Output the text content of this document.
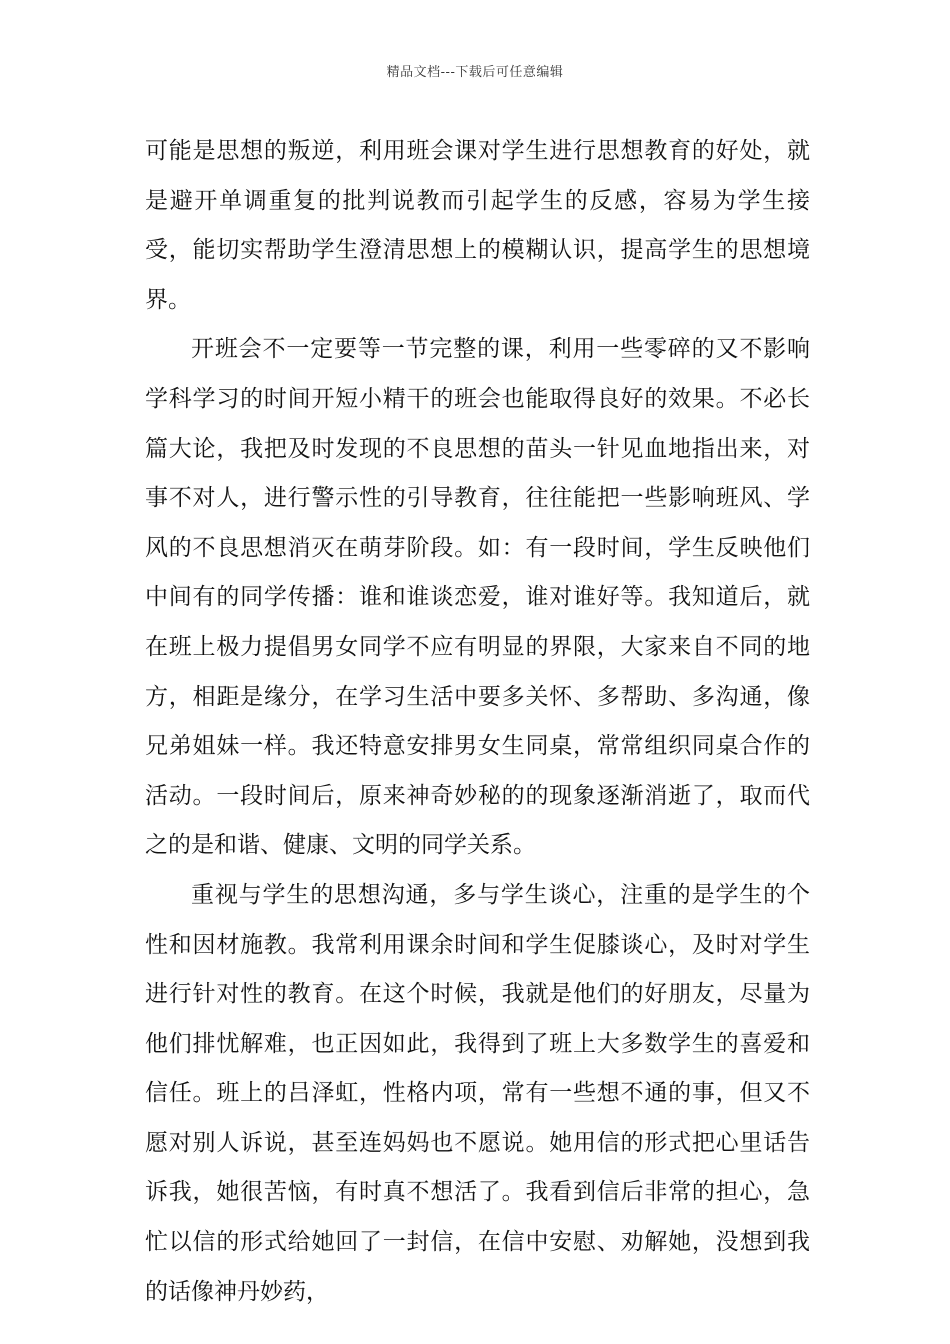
精品文档---下载后可任意编辑

可能是思想的叛逆，利用班会课对学生进行思想教育的好处，就是避开单调重复的批判说教而引起学生的反感，容易为学生接受，能切实帮助学生澄清思想上的模糊认识，提高学生的思想境界。

开班会不一定要等一节完整的课，利用一些零碎的又不影响学科学习的时间开短小精干的班会也能取得良好的效果。不必长篇大论，我把及时发现的不良思想的苗头一针见血地指出来，对事不对人，进行警示性的引导教育，往往能把一些影响班风、学风的不良思想消灭在萌芽阶段。如：有一段时间，学生反映他们中间有的同学传播：谁和谁谈恋爱，谁对谁好等。我知道后，就在班上极力提倡男女同学不应有明显的界限，大家来自不同的地方，相距是缘分，在学习生活中要多关怀、多帮助、多沟通，像兄弟姐妹一样。我还特意安排男女生同桌，常常组织同桌合作的活动。一段时间后，原来神奇妙秘的的现象逐渐消逝了，取而代之的是和谐、健康、文明的同学关系。

重视与学生的思想沟通，多与学生谈心，注重的是学生的个性和因材施教。我常利用课余时间和学生促膝谈心，及时对学生进行针对性的教育。在这个时候，我就是他们的好朋友，尽量为他们排忧解难，也正因如此，我得到了班上大多数学生的喜爱和信任。班上的吕泽虹，性格内项，常有一些想不通的事，但又不愿对别人诉说，甚至连妈妈也不愿说。她用信的形式把心里话告诉我，她很苦恼，有时真不想活了。我看到信后非常的担心，急忙以信的形式给她回了一封信，在信中安慰、劝解她，没想到我的话像神丹妙药，
